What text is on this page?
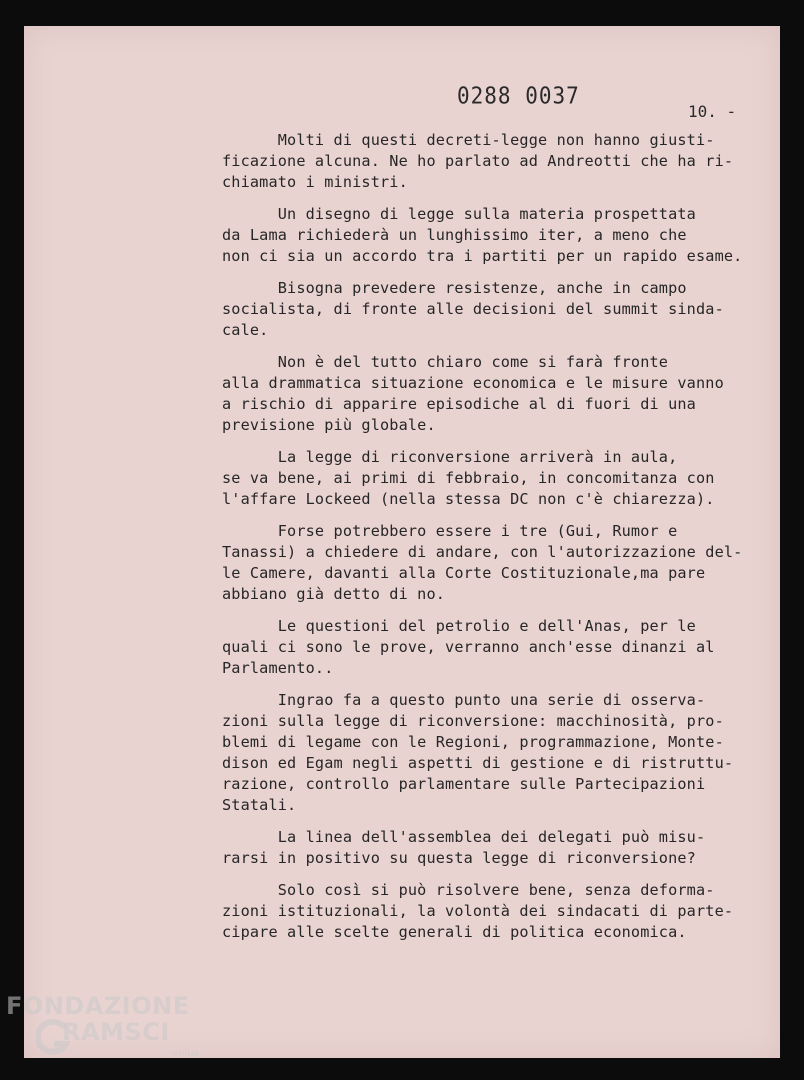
0288 0037
10. -
Molti di questi decreti-legge non hanno giusti-
ficazione alcuna. Ne ho parlato ad Andreotti che ha ri-
chiamato i ministri.
Un disegno di legge sulla materia prospettata
da Lama richiederà un lunghissimo iter, a meno che
non ci sia un accordo tra i partiti per un rapido esame.
Bisogna prevedere resistenze, anche in campo
socialista, di fronte alle decisioni del summit sinda-
cale.
Non è del tutto chiaro come si farà fronte
alla drammatica situazione economica e le misure vanno
a rischio di apparire episodiche al di fuori di una
previsione più globale.
La legge di riconversione arriverà in aula,
se va bene, ai primi di febbraio, in concomitanza con
l'affare Lockeed (nella stessa DC non c'è chiarezza).
Forse potrebbero essere i tre (Gui, Rumor e
Tanassi) a chiedere di andare, con l'autorizzazione del-
le Camere, davanti alla Corte Costituzionale,ma pare
abbiano già detto di no.
Le questioni del petrolio e dell'Anas, per le
quali ci sono le prove, verranno anch'esse dinanzi al
Parlamento..
Ingrao fa a questo punto una serie di osserva-
zioni sulla legge di riconversione: macchinosità, pro-
blemi di legame con le Regioni, programmazione, Monte-
dison ed Egam negli aspetti di gestione e di ristruttu-
razione, controllo parlamentare sulle Partecipazioni
Statali.
La linea dell'assemblea dei delegati può misu-
rarsi in positivo su questa legge di riconversione?
Solo così si può risolvere bene, senza deforma-
zioni istituzionali, la volontà dei sindacati di parte-
cipare alle scelte generali di politica economica.
FONDAZIONE
RAMSCI
onlus
